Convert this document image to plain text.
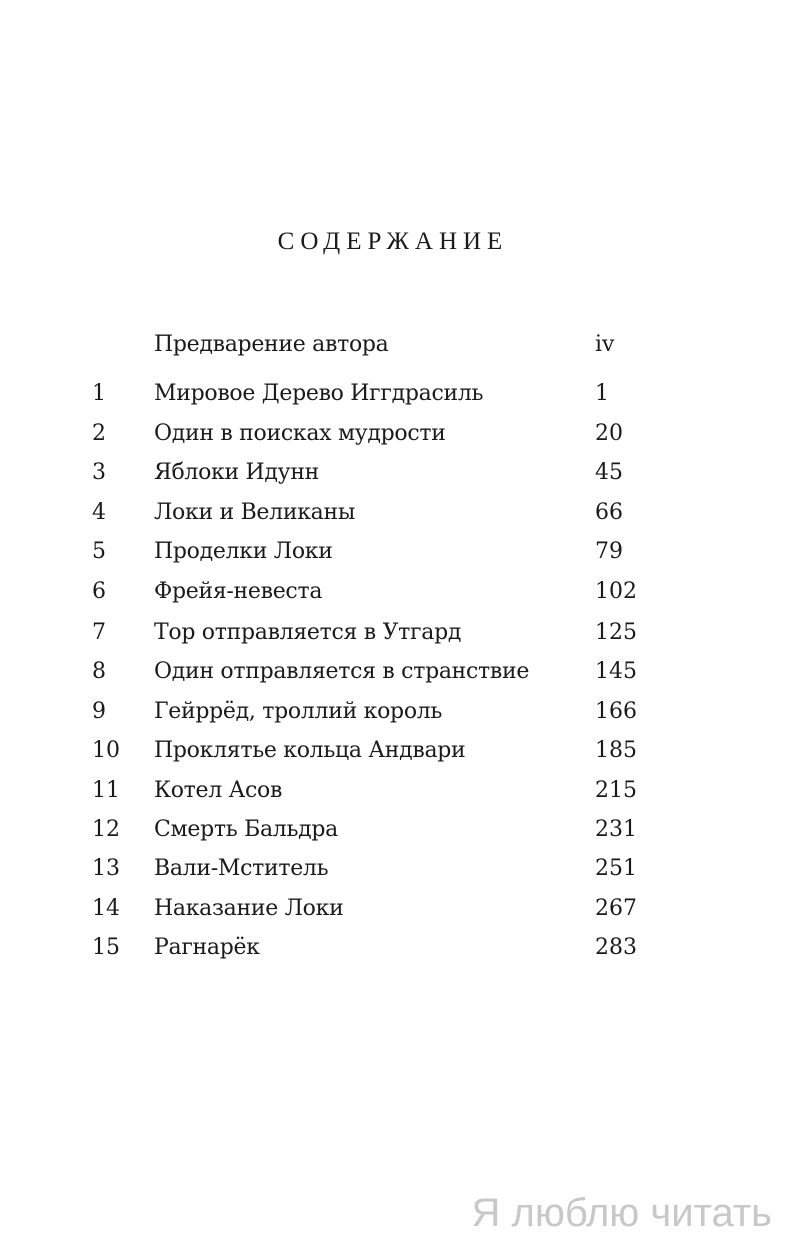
СОДЕРЖАНИЕ
Предварение автора	iv
1	Мировое Дерево Иггдрасиль	1
2	Один в поисках мудрости	20
3	Яблоки Идунн	45
4	Локи и Великаны	66
5	Проделки Локи	79
6	Фрейя-невеста	102
7	Тор отправляется в Утгард	125
8	Один отправляется в странствие	145
9	Гейррёд, троллий король	166
10	Проклятье кольца Андвари	185
11	Котел Асов	215
12	Смерть Бальдра	231
13	Вали-Мститель	251
14	Наказание Локи	267
15	Рагнарёк	283
Я люблю читать
